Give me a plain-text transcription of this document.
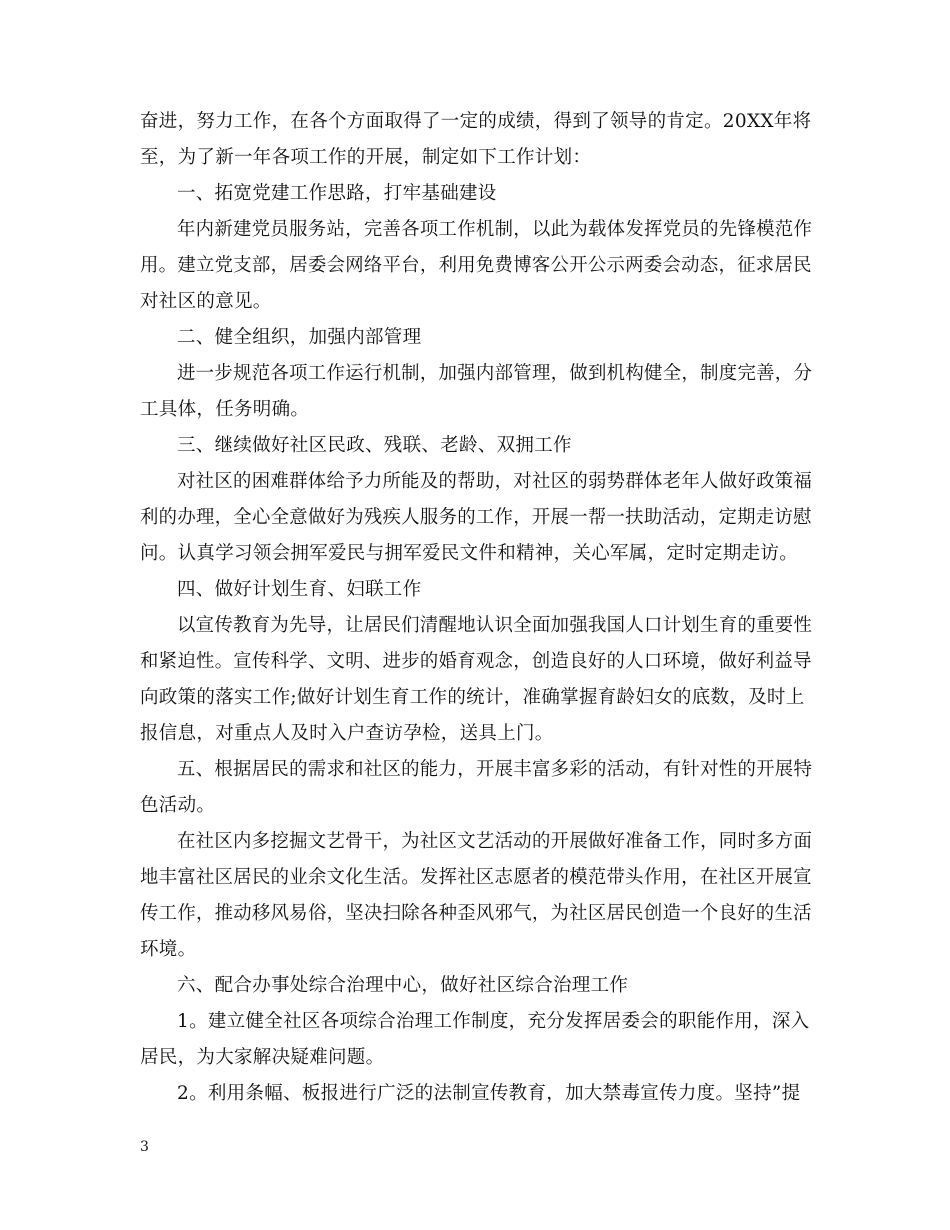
奋进，努力工作，在各个方面取得了一定的成绩，得到了领导的肯定。20XX年将
至，为了新一年各项工作的开展，制定如下工作计划：
一、拓宽党建工作思路，打牢基础建设
年内新建党员服务站，完善各项工作机制，以此为载体发挥党员的先锋模范作
用。建立党支部，居委会网络平台，利用免费博客公开公示两委会动态，征求居民
对社区的意见。
二、健全组织，加强内部管理
进一步规范各项工作运行机制，加强内部管理，做到机构健全，制度完善，分
工具体，任务明确。
三、继续做好社区民政、残联、老龄、双拥工作
对社区的困难群体给予力所能及的帮助，对社区的弱势群体老年人做好政策福
利的办理，全心全意做好为残疾人服务的工作，开展一帮一扶助活动，定期走访慰
问。认真学习领会拥军爱民与拥军爱民文件和精神，关心军属，定时定期走访。
四、做好计划生育、妇联工作
以宣传教育为先导，让居民们清醒地认识全面加强我国人口计划生育的重要性
和紧迫性。宣传科学、文明、进步的婚育观念，创造良好的人口环境，做好利益导
向政策的落实工作;做好计划生育工作的统计，准确掌握育龄妇女的底数，及时上
报信息，对重点人及时入户查访孕检，送具上门。
五、根据居民的需求和社区的能力，开展丰富多彩的活动，有针对性的开展特
色活动。
在社区内多挖掘文艺骨干，为社区文艺活动的开展做好准备工作，同时多方面
地丰富社区居民的业余文化生活。发挥社区志愿者的模范带头作用，在社区开展宣
传工作，推动移风易俗，坚决扫除各种歪风邪气，为社区居民创造一个良好的生活
环境。
六、配合办事处综合治理中心，做好社区综合治理工作
1。建立健全社区各项综合治理工作制度，充分发挥居委会的职能作用，深入
居民，为大家解决疑难问题。
2。利用条幅、板报进行广泛的法制宣传教育，加大禁毒宣传力度。坚持”提
3
